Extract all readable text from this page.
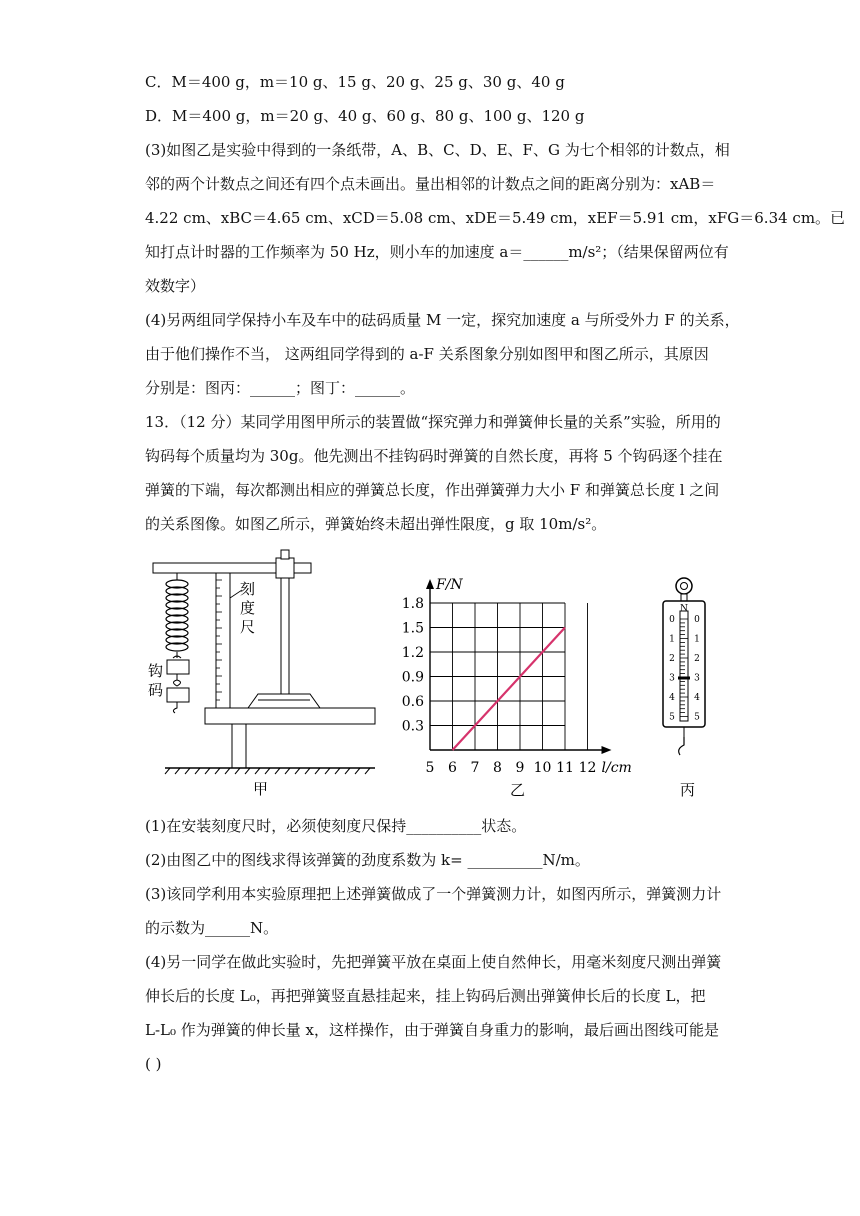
C．M＝400 g，m＝10 g、15 g、20 g、25 g、30 g、40 g
D．M＝400 g，m＝20 g、40 g、60 g、80 g、100 g、120 g
(3)如图乙是实验中得到的一条纸带，A、B、C、D、E、F、G 为七个相邻的计数点，相
邻的两个计数点之间还有四个点未画出。量出相邻的计数点之间的距离分别为：xAB＝
4.22 cm、xBC＝4.65 cm、xCD＝5.08 cm、xDE＝5.49 cm，xEF＝5.91 cm，xFG＝6.34 cm。已
知打点计时器的工作频率为 50 Hz，则小车的加速度 a＝______m/s²；（结果保留两位有
效数字）
(4)另两组同学保持小车及车中的砝码质量 M 一定，探究加速度 a 与所受外力 F 的关系，
由于他们操作不当， 这两组同学得到的 a-F 关系图象分别如图甲和图乙所示，其原因
分别是：图丙：______；图丁：______。
13．（12 分）某同学用图甲所示的装置做“探究弹力和弹簧伸长量的关系”实验，所用的
钩码每个质量均为 30g。他先测出不挂钩码时弹簧的自然长度，再将 5 个钩码逐个挂在
弹簧的下端，每次都测出相应的弹簧总长度，作出弹簧弹力大小 F 和弹簧总长度 l 之间
的关系图像。如图乙所示，弹簧始终未超出弹性限度，g 取 10m/s²。
刻度尺
钩码
甲
5 6 7 8 9 10 11 12
0.3
0.6
0.9
1.2
1.5
1.8
l/cm
F/N
乙
0 0
1 1
2 2
3 3
4 4
5 5
N
丙
(1)在安装刻度尺时，必须使刻度尺保持__________状态。
(2)由图乙中的图线求得该弹簧的劲度系数为 k= __________N/m。
(3)该同学利用本实验原理把上述弹簧做成了一个弹簧测力计，如图丙所示，弹簧测力计
的示数为______N。
(4)另一同学在做此实验时，先把弹簧平放在桌面上使自然伸长，用毫米刻度尺测出弹簧
伸长后的长度 L₀，再把弹簧竖直悬挂起来，挂上钩码后测出弹簧伸长后的长度 L，把
L-L₀ 作为弹簧的伸长量 x，这样操作，由于弹簧自身重力的影响，最后画出图线可能是
( )
